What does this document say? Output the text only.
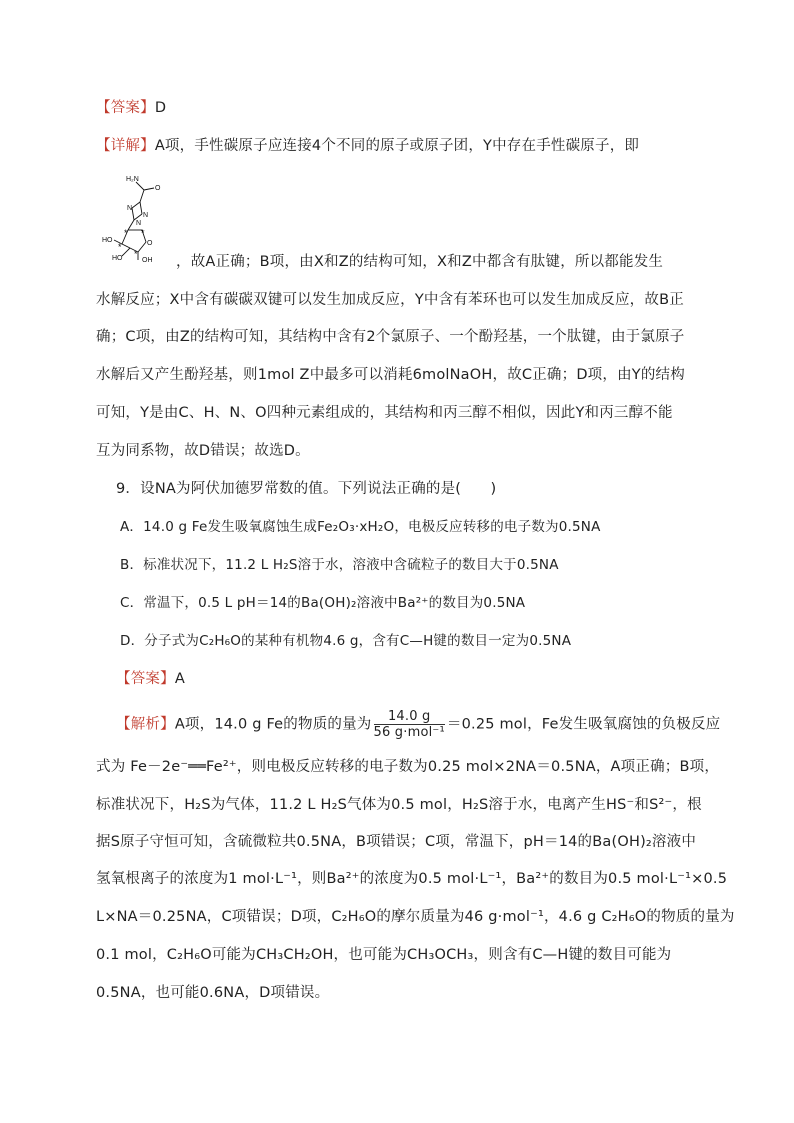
【答案】D
【详解】A项，手性碳原子应连接4个不同的原子或原子团，Y中存在手性碳原子，即
H₂N
O
N
N
N
HO	O
HO	OH
* *
*
*	，故A正确；B项，由X和Z的结构可知，X和Z中都含有肽键，所以都能发生
水解反应；X中含有碳碳双键可以发生加成反应，Y中含有苯环也可以发生加成反应，故B正
确；C项，由Z的结构可知，其结构中含有2个氯原子、一个酚羟基，一个肽键，由于氯原子
水解后又产生酚羟基，则1mol Z中最多可以消耗6molNaOH，故C正确；D项，由Y的结构
可知，Y是由C、H、N、O四种元素组成的，其结构和丙三醇不相似，因此Y和丙三醇不能
互为同系物，故D错误；故选D。
9．设NA为阿伏加德罗常数的值。下列说法正确的是(　　)
A．14.0 g Fe发生吸氧腐蚀生成Fe₂O₃·xH₂O，电极反应转移的电子数为0.5NA
B．标准状况下，11.2 L H₂S溶于水，溶液中含硫粒子的数目大于0.5NA
C．常温下，0.5 L pH＝14的Ba(OH)₂溶液中Ba²⁺的数目为0.5NA
D．分子式为C₂H₆O的某种有机物4.6 g，含有C—H键的数目一定为0.5NA
【答案】A
【解析】A项，14.0 g Fe的物质的量为 $\frac{14.0 g}{\text{56 g·mol⁻¹}} =0.25$ mol，Fe发生吸氧腐蚀的负极反应
式为 Fe－2e⁻══Fe²⁺，则电极反应转移的电子数为0.25 mol×2NA＝0.5NA，A项正确；B项，
标准状况下，H₂S为气体，11.2 L H₂S气体为0.5 mol，H₂S溶于水，电离产生HS⁻和S²⁻，根
据S原子守恒可知，含硫微粒共0.5NA，B项错误；C项，常温下，pH＝14的Ba(OH)₂溶液中
氢氧根离子的浓度为1 mol·L⁻¹，则Ba²⁺的浓度为0.5 mol·L⁻¹，Ba²⁺的数目为0.5 mol·L⁻¹×0.5
L×NA＝0.25NA，C项错误；D项，C₂H₆O的摩尔质量为46 g·mol⁻¹，4.6 g C₂H₆O的物质的量为
0.1 mol，C₂H₆O可能为CH₃CH₂OH，也可能为CH₃OCH₃，则含有C—H键的数目可能为
0.5NA，也可能0.6NA，D项错误。
